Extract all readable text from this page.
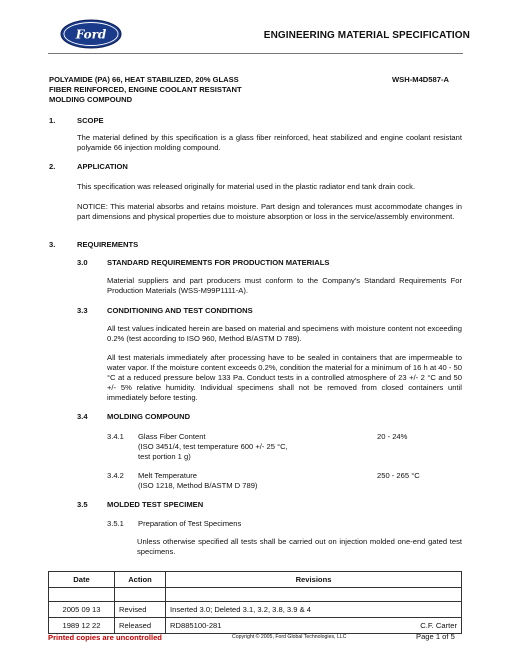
Ford	ENGINEERING MATERIAL SPECIFICATION
POLYAMIDE (PA) 66, HEAT STABILIZED, 20% GLASS
FIBER REINFORCED, ENGINE COOLANT RESISTANT
MOLDING COMPOUND
WSH-M4D587-A
1.	SCOPE
The material defined by this specification is a glass fiber reinforced, heat stabilized and engine coolant resistant polyamide 66 injection molding compound.
2.	APPLICATION
This specification was released originally for material used in the plastic radiator end tank drain cock.
NOTICE: This material absorbs and retains moisture. Part design and tolerances must accommodate changes in part dimensions and physical properties due to moisture absorption or loss in the service/assembly environment.
3.	REQUIREMENTS
3.0	STANDARD REQUIREMENTS FOR PRODUCTION MATERIALS
Material suppliers and part producers must conform to the Company's Standard Requirements For Production Materials (WSS-M99P1111-A).
3.3	CONDITIONING AND TEST CONDITIONS
All test values indicated herein are based on material and specimens with moisture content not exceeding 0.2% (test according to ISO 960, Method B/ASTM D 789).
All test materials immediately after processing have to be sealed in containers that are impermeable to water vapor. If the moisture content exceeds 0.2%, condition the material for a minimum of 16 h at 40 - 50 °C at a reduced pressure below 133 Pa. Conduct tests in a controlled atmosphere of 23 +/- 2 °C and 50 +/- 5% relative humidity. Individual specimens shall not be removed from closed containers until immediately before testing.
3.4	MOLDING COMPOUND
3.4.1 Glass Fiber Content
(ISO 3451/4, test temperature 600 +/- 25 °C,
test portion 1 g)
20 - 24%
3.4.2 Melt Temperature
(ISO 1218, Method B/ASTM D 789)
250 - 265 °C
3.5	MOLDED TEST SPECIMEN
3.5.1 Preparation of Test Specimens
Unless otherwise specified all tests shall be carried out on injection molded one-end gated test specimens.
Date	Action	Revisions

2005 09 13	Revised	Inserted 3.0; Deleted 3.1, 3.2, 3.8, 3.9 & 4
1989 12 22	Released	RD885100-281 C.F. Carter
Printed copies are uncontrolled	Copyright © 2005, Ford Global Technologies, LLC	Page 1 of 5
